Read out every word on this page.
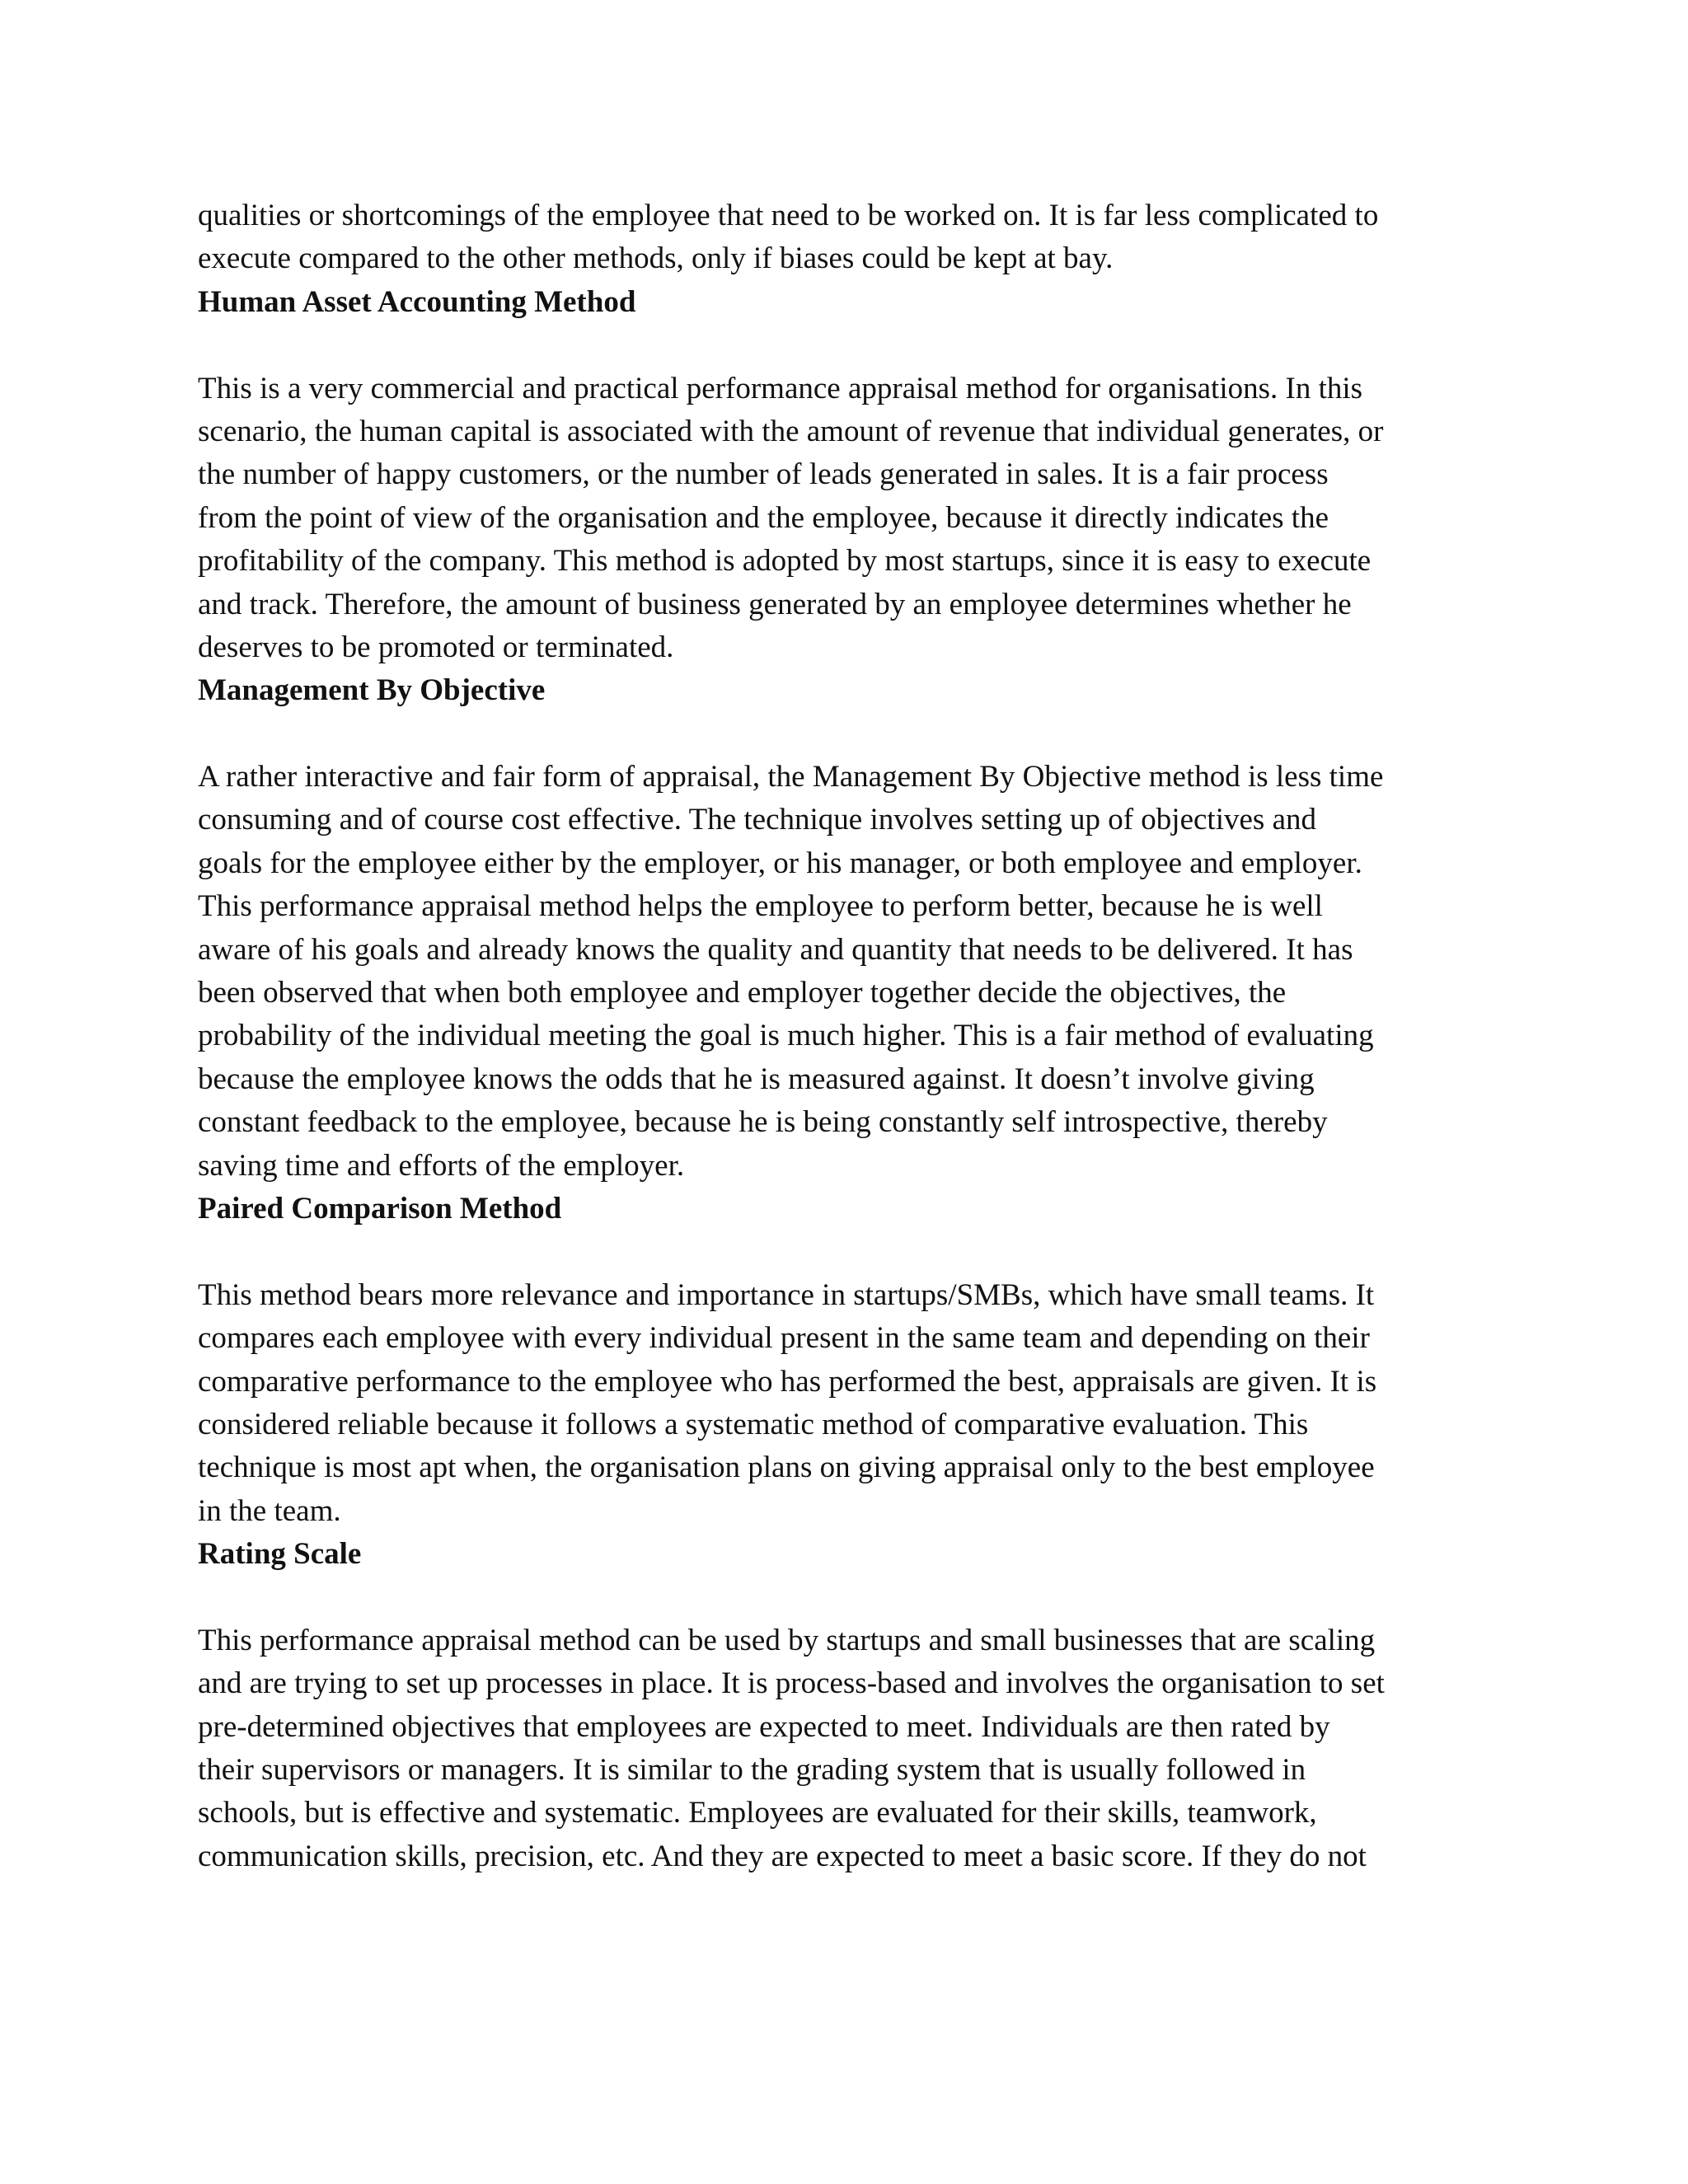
qualities or shortcomings of the employee that need to be worked on. It is far less complicated to
execute compared to the other methods, only if biases could be kept at bay.
Human Asset Accounting Method
This is a very commercial and practical performance appraisal method for organisations. In this
scenario, the human capital is associated with the amount of revenue that individual generates, or
the number of happy customers, or the number of leads generated in sales. It is a fair process
from the point of view of the organisation and the employee, because it directly indicates the
profitability of the company. This method is adopted by most startups, since it is easy to execute
and track. Therefore, the amount of business generated by an employee determines whether he
deserves to be promoted or terminated.
Management By Objective
A rather interactive and fair form of appraisal, the Management By Objective method is less time
consuming and of course cost effective. The technique involves setting up of objectives and
goals for the employee either by the employer, or his manager, or both employee and employer.
This performance appraisal method helps the employee to perform better, because he is well
aware of his goals and already knows the quality and quantity that needs to be delivered. It has
been observed that when both employee and employer together decide the objectives, the
probability of the individual meeting the goal is much higher. This is a fair method of evaluating
because the employee knows the odds that he is measured against. It doesn’t involve giving
constant feedback to the employee, because he is being constantly self introspective, thereby
saving time and efforts of the employer.
Paired Comparison Method
This method bears more relevance and importance in startups/SMBs, which have small teams. It
compares each employee with every individual present in the same team and depending on their
comparative performance to the employee who has performed the best, appraisals are given. It is
considered reliable because it follows a systematic method of comparative evaluation. This
technique is most apt when, the organisation plans on giving appraisal only to the best employee
in the team.
Rating Scale
This performance appraisal method can be used by startups and small businesses that are scaling
and are trying to set up processes in place. It is process-based and involves the organisation to set
pre-determined objectives that employees are expected to meet. Individuals are then rated by
their supervisors or managers. It is similar to the grading system that is usually followed in
schools, but is effective and systematic. Employees are evaluated for their skills, teamwork,
communication skills, precision, etc. And they are expected to meet a basic score. If they do not
